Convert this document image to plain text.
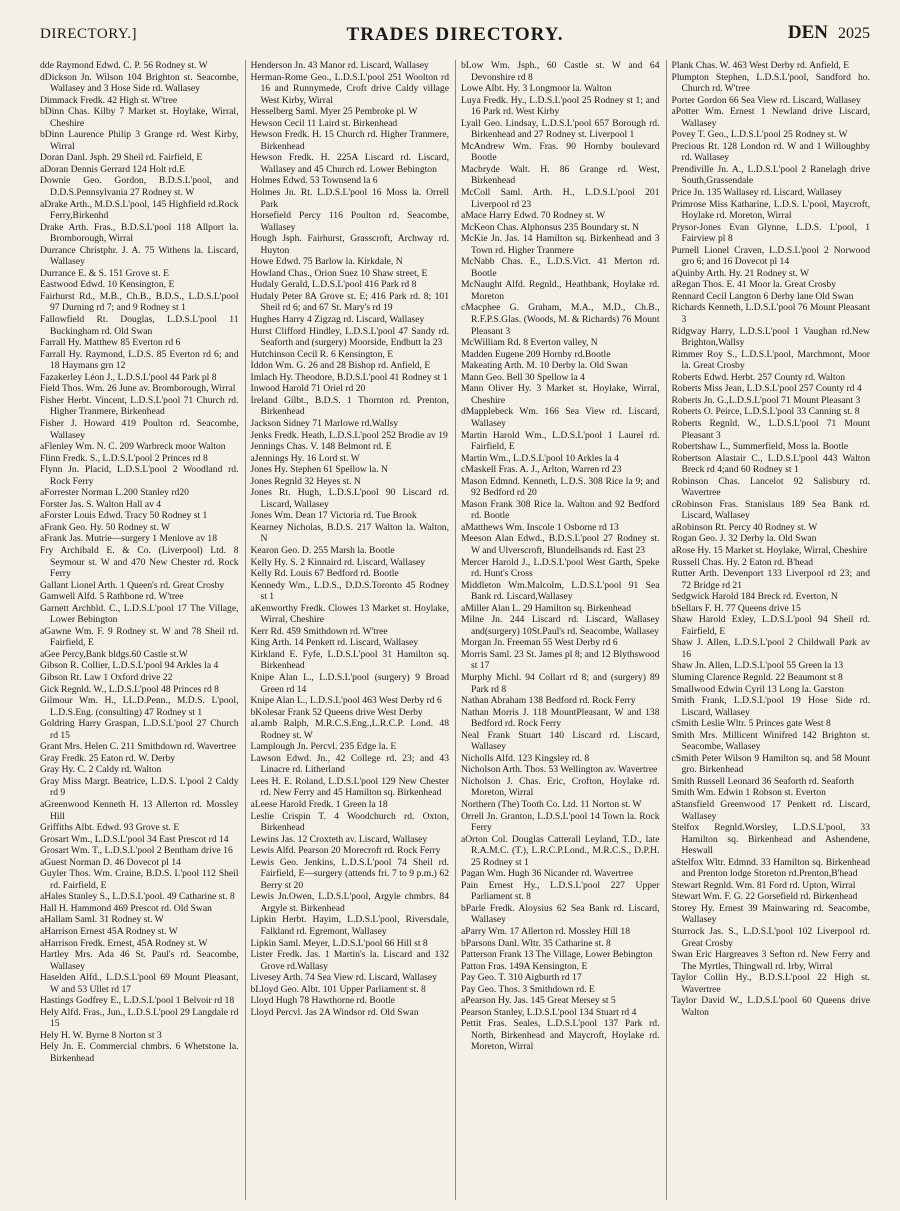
DIRECTORY.]	TRADES DIRECTORY.	DEN 2025

dde Raymond Edwd. C. P. 56 Rodney st. W

dDickson Jn. Wilson 104 Brighton st. Seacombe, Wallasey and 3 Hose Side rd. Wallasey

Dimmack Fredk. 42 High st. W'tree

bDinn Chas. Kilby 7 Market st. Hoylake, Wirral, Cheshire

bDinn Laurence Philip 3 Grange rd. West Kirby, Wirral

Doran Danl. Jsph. 29 Sheil rd. Fairfield, E

aDoran Dennis Gerrard 124 Holt rd.E

Downie Geo. Gordon, B.D.S.L'pool, and D.D.S.Pennsylvania 27 Rodney st. W

aDrake Arth., M.D.S.L'pool, 145 Highfield rd.Rock Ferry,Birkenhd

Drake Arth. Fras., B.D.S.L'pool 118 Allport la. Bromborough, Wirral

Durrance Christphr. J. A. 75 Withens la. Liscard, Wallasey

Durrance E. & S. 151 Grove st. E

Eastwood Edwd. 10 Kensington, E

Fairhurst Rd., M.B., Ch.B., B.D.S., L.D.S.L'pool 97 Durning rd 7; and 9 Rodney st 1

Fallowfield Rt. Douglas, L.D.S.L'pool 11 Buckingham rd. Old Swan

Farrall Hy. Matthew 85 Everton rd 6

Farrall Hy. Raymond, L.D.S. 85 Everton rd 6; and 18 Haymans grn 12

Fazakerley Léon J., L.D.S.L'pool 44 Park pl 8

Field Thos. Wm. 26 June av. Bromborough, Wirral

Fisher Herbt. Vincent, L.D.S.L'pool 71 Church rd. Higher Tranmere, Birkenhead

Fisher J. Howard 419 Poulton rd. Seacombe, Wallasey

aFlenley Wm. N. C. 209 Warbreck moor Walton

Flinn Fredk. S., L.D.S.L'pool 2 Princes rd 8

Flynn Jn. Placid, L.D.S.L'pool 2 Woodland rd. Rock Ferry

aForrester Norman L.200 Stanley rd20

Forster Jas. S. Walton Hall av 4

aForster Louis Edwd. Tracy 50 Rodney st 1

aFrank Geo. Hy. 50 Rodney st. W

aFrank Jas. Mutrie—surgery 1 Menlove av 18

Fry Archibald E. & Co. (Liverpool) Ltd. 8 Seymour st. W and 470 New Chester rd. Rock Ferry

Gallant Lionel Arth. 1 Queen's rd. Great Crosby

Gamwell Alfd. 5 Rathbone rd. W'tree

Garnett Archbld. C., L.D.S.L'pool 17 The Village, Lower Bebington

aGawne Wm. F. 9 Rodney st. W and 78 Sheil rd. Fairfield, E

aGee Percy,Bank bldgs.60 Castle st.W

Gibson R. Collier, L.D.S.L'pool 94 Arkles la 4

Gibson Rt. Law 1 Oxford drive 22

Gick Regnld. W., L.D.S.L'pool 48 Princes rd 8

Gilmour Wm. H., LL.D.Penn., M.D.S. L'pool, L.D.S.Eng. (consulting) 47 Rodney st 1

Goldring Harry Graspan, L.D.S.L'pool 27 Church rd 15

Grant Mrs. Helen C. 211 Smithdown rd. Wavertree

Gray Fredk. 25 Eaton rd. W. Derby

Gray Hy. C. 2 Caldy rd. Walton

Gray Miss Margt. Beatrice, L.D.S. L'pool 2 Caldy rd 9

aGreenwood Kenneth H. 13 Allerton rd. Mossley Hill

Griffiths Albt. Edwd. 93 Grove st. E

Grosart Wm., L.D.S.L'pool 34 East Prescot rd 14

Grosart Wm. T., L.D.S.L'pool 2 Bentham drive 16

aGuest Norman D. 46 Dovecot pl 14

Guyler Thos. Wm. Craine, B.D.S. L'pool 112 Sheil rd. Fairfield, E

aHales Stanley S., L.D.S.L'pool. 49 Catharine st. 8

Hall H. Hammond 469 Prescot rd. Old Swan

aHallam Saml. 31 Rodney st. W

aHarrison Ernest 45A Rodney st. W

aHarrison Fredk. Ernest, 45A Rodney st. W

Hartley Mrs. Ada 46 St. Paul's rd. Seacombe, Wallasey

Haselden Alfd., L.D.S.L'pool 69 Mount Pleasant, W and 53 Ullet rd 17

Hastings Godfrey E., L.D.S.L'pool 1 Belvoir rd 18

Hely Alfd. Fras., Jun., L.D.S.L'pool 29 Langdale rd 15

Hely H. W. Byrne 8 Norton st 3

Hely Jn. E. Commercial chmbrs. 6 Whetstone la. Birkenhead

Henderson Jn. 43 Manor rd. Liscard, Wallasey

Herman-Rome Geo., L.D.S.L'pool 251 Woolton rd 16 and Runnymede, Croft drive Caldy village West Kirby, Wirral

Hesselberg Saml. Myer 25 Pembroke pl. W

Hewson Cecil 11 Laird st. Birkenhead

Hewson Fredk. H. 15 Church rd. Higher Tranmere, Birkenhead

Hewson Fredk. H. 225A Liscard rd. Liscard, Wallasey and 45 Church rd. Lower Bebington

Holmes Edwd. 53 Townsend la 6

Holmes Jn. Rt. L.D.S.L'pool 16 Moss la. Orrell Park

Horsefield Percy 116 Poulton rd. Seacombe, Wallasey

Hough Jsph. Fairhurst, Grasscroft, Archway rd. Huyton

Howe Edwd. 75 Barlow la. Kirkdale, N

Howland Chas., Orion Suez 10 Shaw street, E

Hudaly Gerald, L.D.S.L'pool 416 Park rd 8

Hudaly Peter 8A Grove st. E; 416 Park rd. 8; 101 Sheil rd 6; and 67 St. Mary's rd 19

Hughes Harry 4 Zigzag rd. Liscard, Wallasey

Hurst Clifford Hindley, L.D.S.L'pool 47 Sandy rd. Seaforth and (surgery) Moorside, Endbutt la 23

Hutchinson Cecil R. 6 Kensington, E

Iddon Wm. G. 26 and 28 Bishop rd. Anfield, E

Imlach Hy. Theodore, B.D.S.L'pool 41 Rodney st 1

Inwood Harold 71 Oriel rd 20

Ireland Gilbt., B.D.S. 1 Thornton rd. Prenton, Birkenhead

Jackson Sidney 71 Marlowe rd.Wallsy

Jenks Fredk. Heath, L.D.S.L'pool 252 Brodie av 19

Jennings Chas. V. 148 Belmont rd. E

aJennings Hy. 16 Lord st. W

Jones Hy. Stephen 61 Spellow la. N

Jones Regnld 32 Heyes st. N

Jones Rt. Hugh, L.D.S.L'pool 90 Liscard rd. Liscard, Wallasey

Jones Wm. Dean 17 Victoria rd. Tue Brook

Kearney Nicholas, B.D.S. 217 Walton la. Walton, N

Kearon Geo. D. 255 Marsh la. Bootle

Kelly Hy. S. 2 Kinnaird rd. Liscard, Wallasey

Kelly Rd. Louis 67 Bedford rd. Bootle

Kennedy Wm., L.D.S., D.D.S.Toronto 45 Rodney st 1

aKenworthy Fredk. Clowes 13 Market st. Hoylake, Wirral, Cheshire

Kerr Rd. 459 Smithdown rd. W'tree

King Arth. 14 Penkett rd. Liscard, Wallasey

Kirkland E. Fyfe, L.D.S.L'pool 31 Hamilton sq. Birkenhead

Knipe Alan L., L.D.S.L'pool (surgery) 9 Broad Green rd 14

Knipe Alan L., L.D.S.L'pool 463 West Derby rd 6

bKolesar Frank 52 Queens drive West Derby

aLamb Ralph, M.R.C.S.Eng.,L.R.C.P. Lond. 48 Rodney st. W

Lamplough Jn. Percvl. 235 Edge la. E

Lawson Edwd. Jn., 42 College rd. 23; and 43 Linacre rd. Litherland

Lees H. E. Roland, L.D.S.L'pool 129 New Chester rd. New Ferry and 45 Hamilton sq. Birkenhead

aLeese Harold Fredk. 1 Green la 18

Leslie Crispin T. 4 Woodchurch rd. Oxton, Birkenhead

Lewins Jas. 12 Croxteth av. Liscard, Wallasey

Lewis Alfd. Pearson 20 Morecroft rd. Rock Ferry

Lewis Geo. Jenkins, L.D.S.L'pool 74 Sheil rd. Fairfield, E—surgery (attends fri. 7 to 9 p.m.) 62 Berry st 20

Lewis Jn.Owen, L.D.S.L'pool, Argyle chmbrs. 84 Argyle st. Birkenhead

Lipkin Herbt. Hayim, L.D.S.L'pool, Riversdale, Falkland rd. Egremont, Wallasey

Lipkin Saml. Meyer, L.D.S.L'pool 66 Hill st 8

Lister Fredk. Jas. 1 Martin's la. Liscard and 132 Grove rd.Wallasy

Livesey Arth. 74 Sea View rd. Liscard, Wallasey

bLloyd Geo. Albt. 101 Upper Parliament st. 8

Lloyd Hugh 78 Hawthorne rd. Bootle

Lloyd Percvl. Jas 2A Windsor rd. Old Swan

bLow Wm. Jsph., 60 Castle st. W and 64 Devonshire rd 8

Lowe Albt. Hy. 3 Longmoor la. Walton

Luya Fredk. Hy., L.D.S.L'pool 25 Rodney st 1; and 16 Park rd. West Kirby

Lyall Geo. Lindsay, L.D.S.L'pool 657 Borough rd. Birkenhead and 27 Rodney st. Liverpool 1

McAndrew Wm. Fras. 90 Hornby boulevard Bootle

Macbryde Walt. H. 86 Grange rd. West, Birkenhead

McColl Saml. Arth. H., L.D.S.L'pool 201 Liverpool rd 23

aMace Harry Edwd. 70 Rodney st. W

McKeon Chas. Alphonsus 235 Boundary st. N

McKie Jn. Jas. 14 Hamilton sq. Birkenhead and 3 Town rd. Higher Tranmere

McNabb Chas. E., L.D.S.Vict. 41 Merton rd. Bootle

McNaught Alfd. Regnld., Heathbank, Hoylake rd. Moreton

cMacphee G. Graham, M.A., M.D., Ch.B., R.F.P.S.Glas. (Woods, M. & Richards) 76 Mount Pleasant 3

McWilliam Rd. 8 Everton valley, N

Madden Eugene 209 Hornby rd.Bootle

Makeating Arth. M. 10 Derby la. Old Swan

Mann Geo. Bell 30 Spellow la 4

Mann Oliver Hy. 3 Market st. Hoylake, Wirral, Cheshire

dMapplebeck Wm. 166 Sea View rd. Liscard, Wallasey

Martin Harold Wm., L.D.S.L'pool 1 Laurel rd. Fairfield, E

Martin Wm., L.D.S.L'pool 10 Arkles la 4

cMaskell Fras. A. J., Arlton, Warren rd 23

Mason Edmnd. Kenneth, L.D.S. 308 Rice la 9; and 92 Bedford rd 20

Mason Frank 308 Rice la. Walton and 92 Bedford rd. Bootle

aMatthews Wm. Inscole 1 Osborne rd 13

Meeson Alan Edwd., B.D.S.L'pool 27 Rodney st. W and Ulverscroft, Blundellsands rd. East 23

Mercer Harold J., L.D.S.L'pool West Garth, Speke rd. Hunt's Cross

Middleton Wm.Malcolm, L.D.S.L'pool 91 Sea Bank rd. Liscard,Wallasey

aMiller Alan L. 29 Hamilton sq. Birkenhead

Milne Jn. 244 Liscard rd. Liscard, Wallasey and(surgery) 10St.Paul's rd. Seacombe, Wallasey

Morgan Jn. Freeman 55 West Derby rd 6

Morris Saml. 23 St. James pl 8; and 12 Blythswood st 17

Murphy Michl. 94 Collart rd 8; and (surgery) 89 Park rd 8

Nathan Abraham 138 Bedford rd. Rock Ferry

Nathan Morris J. 118 MountPleasant, W and 138 Bedford rd. Rock Ferry

Neal Frank Stuart 140 Liscard rd. Liscard, Wallasey

Nicholls Alfd. 123 Kingsley rd. 8

Nicholson Arth. Thos. 53 Wellington av. Wavertree

Nicholson J. Chas. Eric, Crofton, Hoylake rd. Moreton, Wirral

Northern (The) Tooth Co. Ltd. 11 Norton st. W

Orrell Jn. Granton, L.D.S.L'pool 14 Town la. Rock Ferry

aOrton Col. Douglas Catterall Leyland, T.D., late R.A.M.C. (T.), L.R.C.P.Lond., M.R.C.S., D.P.H. 25 Rodney st 1

Pagan Wm. Hugh 36 Nicander rd. Wavertree

Pain Ernest Hy., L.D.S.L'pool 227 Upper Parliament st. 8

bParle Fredk. Aloysius 62 Sea Bank rd. Liscard, Wallasey

aParry Wm. 17 Allerton rd. Mossley Hill 18

bParsons Danl. Wltr. 35 Catharine st. 8

Patterson Frank 13 The Village, Lower Bebington

Patton Fras. 149A Kensington, E

Pay Geo. T. 310 Aigburth rd 17

Pay Geo. Thos. 3 Smithdown rd. E

aPearson Hy. Jas. 145 Great Mersey st 5

Pearson Stanley, L.D.S.L'pool 134 Stuart rd 4

Pettit Fras. Seales, L.D.S.L'pool 137 Park rd. North, Birkenhead and Maycroft, Hoylake rd. Moreton, Wirral

Plank Chas. W. 463 West Derby rd. Anfield, E

Plumpton Stephen, L.D.S.L'pool, Sandford ho. Church rd. W'tree

Porter Gordon 66 Sea View rd. Liscard, Wallasey

aPotter Wm. Ernest 1 Newland drive Liscard, Wallasey

Povey T. Geo., L.D.S.L'pool 25 Rodney st. W

Precious Rt. 128 London rd. W and 1 Willoughby rd. Wallasey

Prendiville Jn. A., L.D.S.L'pool 2 Ranelagh drive South,Grassendale

Price Jn. 135 Wallasey rd. Liscard, Wallasey

Primrose Miss Katharine, L.D.S. L'pool, Maycroft, Hoylake rd. Moreton, Wirral

Prysor-Jones Evan Glynne, L.D.S. L'pool, 1 Fairview pl 8

Purnell Lionel Craven, L.D.S.L'pool 2 Norwood gro 6; and 16 Dovecot pl 14

aQuinby Arth. Hy. 21 Rodney st. W

aRegan Thos. E. 41 Moor la. Great Crosby

Rennard Cecil Langton 6 Derby lane Old Swan

Richards Kenneth, L.D.S.L'pool 76 Mount Pleasant 3

Ridgway Harry, L.D.S.L'pool 1 Vaughan rd.New Brighton,Wallsy

Rimmer Roy S., L.D.S.L'pool, Marchmont, Moor la. Great Crosby

Roberts Edwd. Herbt. 257 County rd. Walton

Roberts Miss Jean, L.D.S.L'pool 257 County rd 4

Roberts Jn. G.,L.D.S.L'pool 71 Mount Pleasant 3

Roberts O. Peirce, L.D.S.L'pool 33 Canning st. 8

Roberts Regnld. W., L.D.S.L'pool 71 Mount Pleasant 3

Robertshaw L., Summerfield, Moss la. Bootle

Robertson Alastair C., L.D.S.L'pool 443 Walton Breck rd 4;and 60 Rodney st 1

Robinson Chas. Lancelot 92 Salisbury rd. Wavertree

cRobinson Fras. Stanislaus 189 Sea Bank rd. Liscard, Wallasey

aRobinson Rt. Percy 40 Rodney st. W

Rogan Geo. J. 32 Derby la. Old Swan

aRose Hy. 15 Market st. Hoylake, Wirral, Cheshire

Russell Chas. Hy. 2 Eaton rd. B'head

Rutter Arth. Devenport 133 Liverpool rd 23; and 72 Bridge rd 21

Sedgwick Harold 184 Breck rd. Everton, N

bSellars F. H. 77 Queens drive 15

Shaw Harold Exley, L.D.S.L'pool 94 Sheil rd. Fairfield, E

Shaw J. Allen, L.D.S.L'pool 2 Childwall Park av 16

Shaw Jn. Allen, L.D.S.L'pool 55 Green la 13

Sluming Clarence Regnld. 22 Beaumont st 8

Smallwood Edwin Cyril 13 Long la. Garston

Smith Frank, L.D.S.L'pool 19 Hose Side rd. Liscard, Wallasey

cSmith Leslie Wltr. 5 Princes gate West 8

Smith Mrs. Millicent Winifred 142 Brighton st. Seacombe, Wallasey

cSmith Peter Wilson 9 Hamilton sq. and 58 Mount gro. Birkenhead

Smith Russell Leonard 36 Seaforth rd. Seaforth

Smith Wm. Edwin 1 Robson st. Everton

aStansfield Greenwood 17 Penkett rd. Liscard, Wallasey

Stelfox Regnld.Worsley, L.D.S.L'pool, 33 Hamilton sq. Birkenhead and Ashendene, Heswall

aStelfox Wltr. Edmnd. 33 Hamilton sq. Birkenhead and Prenton lodge Storeton rd.Prenton,B'head

Stewart Regnld. Wm. 81 Ford rd. Upton, Wirral

Stewart Wm. F. G. 22 Gorsefield rd. Birkenhead

Storey Hy. Ernest 39 Mainwaring rd. Seacombe, Wallasey

Sturrock Jas. S., L.D.S.L'pool 102 Liverpool rd. Great Crosby

Swan Eric Hargreaves 3 Sefton rd. New Ferry and The Myrtles, Thingwall rd. Irby, Wirral

Taylor Collin Hy., B.D.S.L'pool 22 High st. Wavertree

Taylor David W., L.D.S.L'pool 60 Queens drive Walton
